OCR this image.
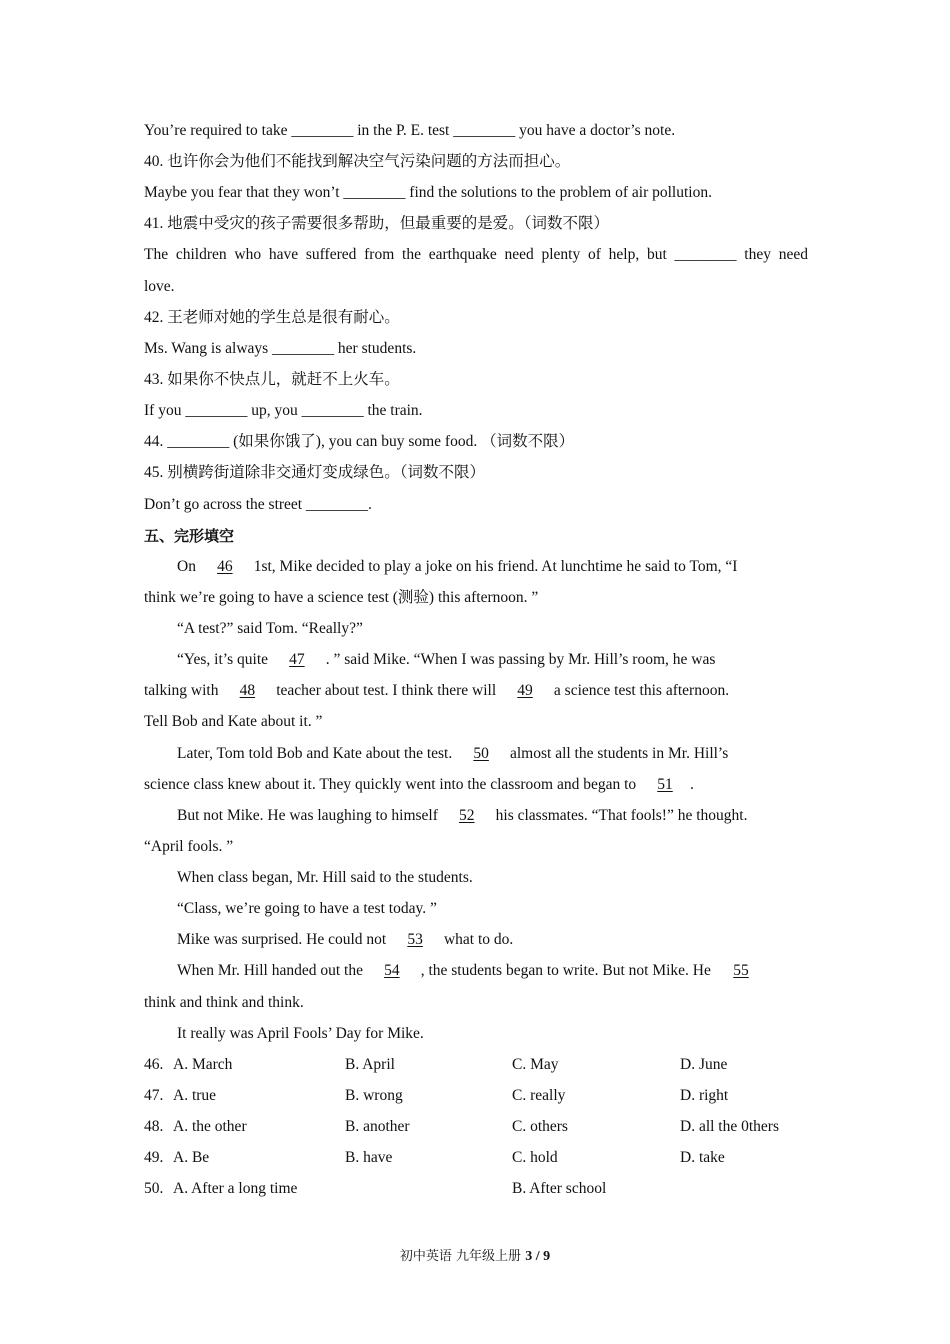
You’re required to take ________ in the P. E. test ________ you have a doctor’s note.
40. 也许你会为他们不能找到解决空气污染问题的方法而担心。
Maybe you fear that they won’t ________ find the solutions to the problem of air pollution.
41. 地震中受灾的孩子需要很多帮助，但最重要的是爱。（词数不限）
The children who have suffered from the earthquake need plenty of help, but ________ they need
love.
42. 王老师对她的学生总是很有耐心。
Ms. Wang is always ________ her students.
43. 如果你不快点儿，就赶不上火车。
If you ________ up, you ________ the train.
44. ________ (如果你饿了), you can buy some food. （词数不限）
45. 别横跨街道除非交通灯变成绿色。（词数不限）
Don’t go across the street ________.
五、完形填空
On 46 1st, Mike decided to play a joke on his friend. At lunchtime he said to Tom, “I
think we’re going to have a science test (测验) this afternoon. ”
“A test?” said Tom. “Really?”
“Yes, it’s quite 47 . ” said Mike. “When I was passing by Mr. Hill’s room, he was
talking with 48 teacher about test. I think there will 49 a science test this afternoon.
Tell Bob and Kate about it. ”
Later, Tom told Bob and Kate about the test. 50 almost all the students in Mr. Hill’s
science class knew about it. They quickly went into the classroom and began to 51 .
But not Mike. He was laughing to himself 52 his classmates. “That fools!” he thought.
“April fools. ”
When class began, Mr. Hill said to the students.
“Class, we’re going to have a test today. ”
Mike was surprised. He could not 53 what to do.
When Mr. Hill handed out the 54 , the students began to write. But not Mike. He 55
think and think and think.
It really was April Fools’ Day for Mike.
46. A. March	B. April	C. May	D. June
47. A. true	B. wrong	C. really	D. right
48. A. the other	B. another	C. others	D. all the 0thers
49. A. Be	B. have	C. hold	D. take
50. A. After a long time	B. After school
初中英语 九年级上册 3 / 9
